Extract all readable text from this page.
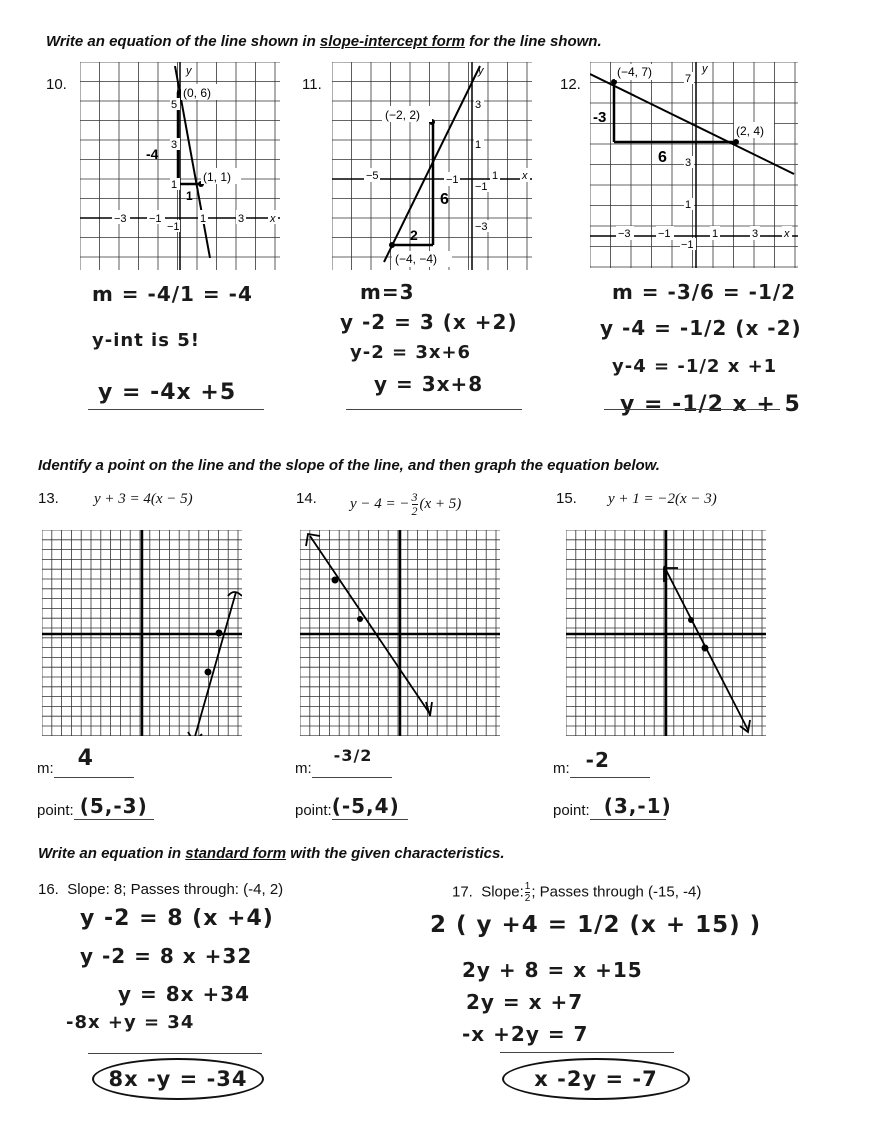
Write an equation of the line shown in slope-intercept form for the line shown.
10.	11.	12.
(0, 6)
(1, 1)
-4
1
−3 −1	1	3 x
y
5
3
1
−1
(−2, 2)
(−4, −4)
6
2
−5	−1	1 x
y
3
1
−1
−3
(−4, 7)
(2, 4)
-3
6
−3 −1	1	3 x
y
7
3
1
−1
m = -4/1 = -4
y-int is 5!
y = -4x +5
m=3
y -2 = 3 (x +2)
y-2 = 3x+6
y = 3x+8
m = -3/6 = -1/2
y -4 = -1/2 (x -2)
y-4 = -1/2 x +1
y = -1/2 x + 5
Identify a point on the line and the slope of the line, and then graph the equation below.
13. y + 3 = 4(x − 5)	14. y − 4 = − $\frac{3}{2} (x + 5)$	15. y + 1 = −2(x − 3)
m: 4

point: (5,-3)

m:
-3/2

point: (-5,4)

m: -2

point: (3,-1)

Write an equation in standard form with the given characteristics.
16. Slope: 8; Passes through: (-4, 2)
y -2 = 8 (x +4)
y -2 = 8 x +32
y = 8x +34
-8x +y = 34
8x -y = -34
17. Slope: $\frac{1}{2}$ ; Passes through (-15, -4)
2 ( y +4 = 1/2 (x + 15) )
2y + 8 = x +15
2y = x +7
-x +2y = 7
x -2y = -7
